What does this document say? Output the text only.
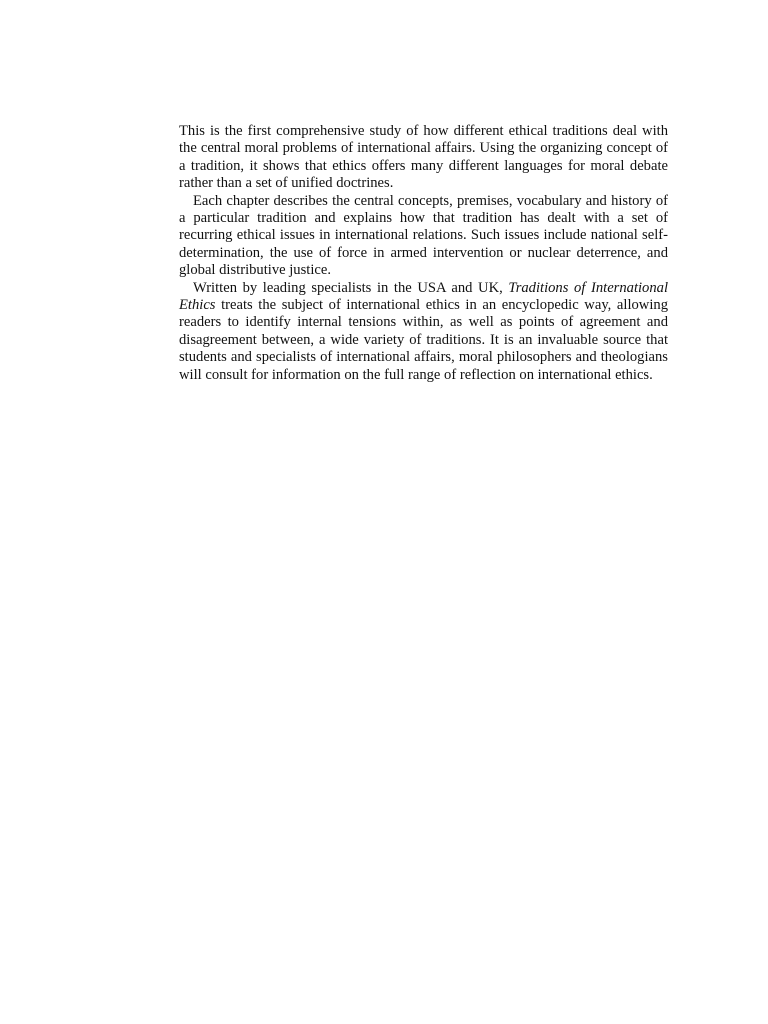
This is the first comprehensive study of how different ethical traditions deal with the central moral problems of international affairs. Using the organizing concept of a tradition, it shows that ethics offers many different languages for moral debate rather than a set of unified doctrines.

Each chapter describes the central concepts, premises, vocabulary and history of a particular tradition and explains how that tradition has dealt with a set of recurring ethical issues in international relations. Such issues include national self-determination, the use of force in armed intervention or nuclear deterrence, and global distributive justice.

Written by leading specialists in the USA and UK, Traditions of International Ethics treats the subject of international ethics in an encyclopedic way, allowing readers to identify internal tensions within, as well as points of agreement and disagreement between, a wide variety of traditions. It is an invaluable source that students and specialists of international affairs, moral philosophers and theologians will consult for information on the full range of reflection on international ethics.
